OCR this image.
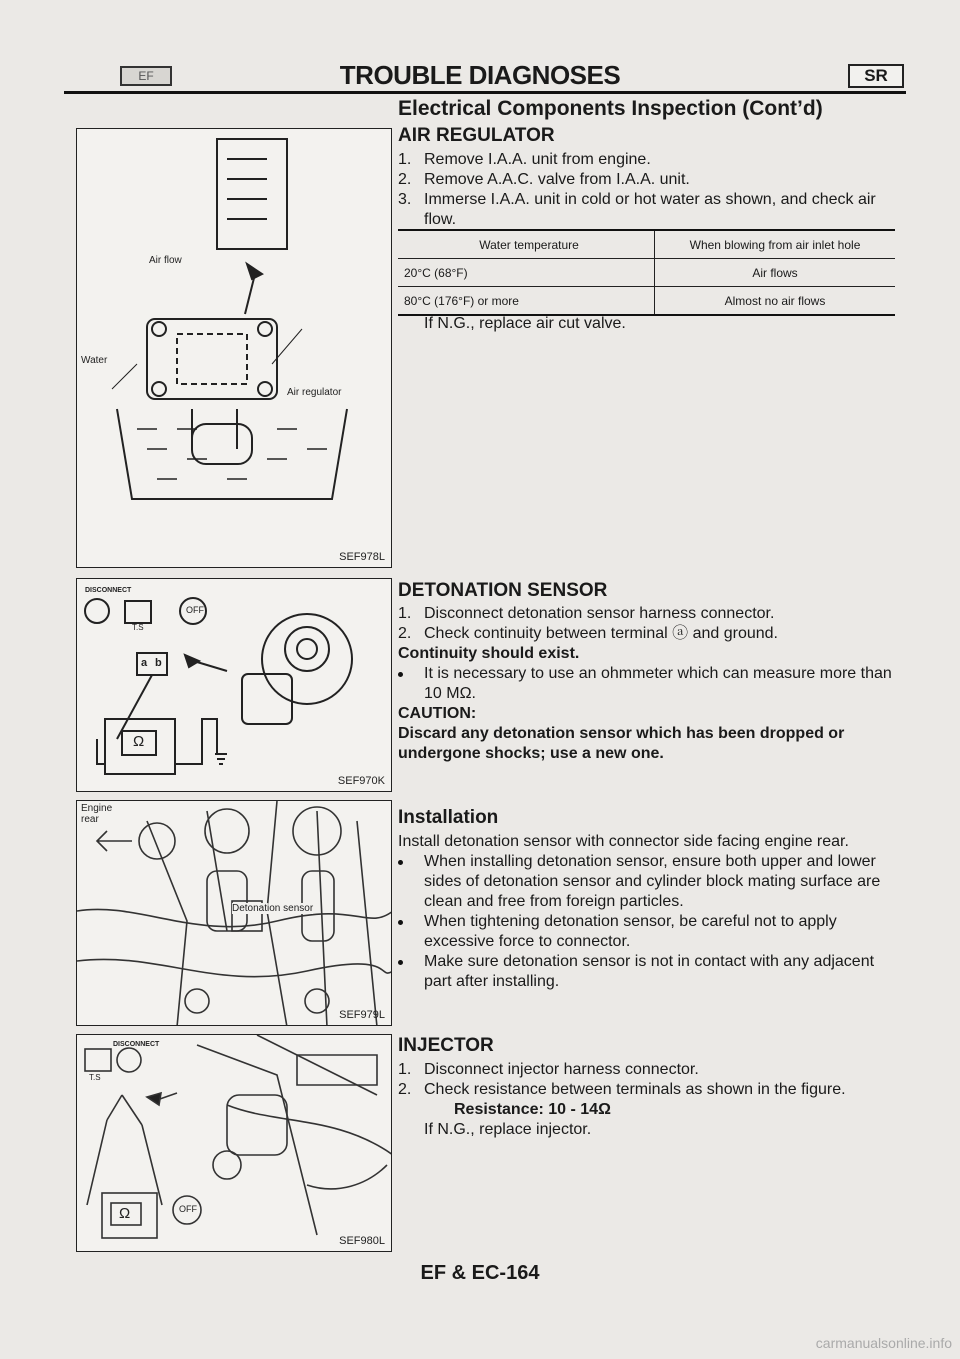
EF	TROUBLE DIAGNOSES	SR
Electrical Components Inspection (Cont’d)
Air flow
Water
Air regulator
SEF978L
DISCONNECT
T.S
OFF
a b
Ω
SEF970K
Engine rear
Detonation sensor
SEF979L
DISCONNECT
T.S
OFF
Ω
SEF980L
AIR REGULATOR
1. Remove I.A.A. unit from engine.
2. Remove A.A.C. valve from I.A.A. unit.
3. Immerse I.A.A. unit in cold or hot water as shown, and check air flow.
Water temperature	When blowing from air inlet hole
20°C (68°F)	Air flows
80°C (176°F) or more	Almost no air flows
If N.G., replace air cut valve.
DETONATION SENSOR
1. Disconnect detonation sensor harness connector.
2. Check continuity between terminal ⓐ and ground.
Continuity should exist.
It is necessary to use an ohmmeter which can measure more than 10 MΩ.
CAUTION:
Discard any detonation sensor which has been dropped or undergone shocks; use a new one.
Installation
Install detonation sensor with connector side facing engine rear.
When installing detonation sensor, ensure both upper and lower sides of detonation sensor and cylinder block mating surface are clean and free from foreign particles.
When tightening detonation sensor, be careful not to apply excessive force to connector.
Make sure detonation sensor is not in contact with any adjacent part after installing.
INJECTOR
1. Disconnect injector harness connector.
2. Check resistance between terminals as shown in the figure.
Resistance: 10 - 14Ω
If N.G., replace injector.
EF & EC-164
carmanualsonline.info
